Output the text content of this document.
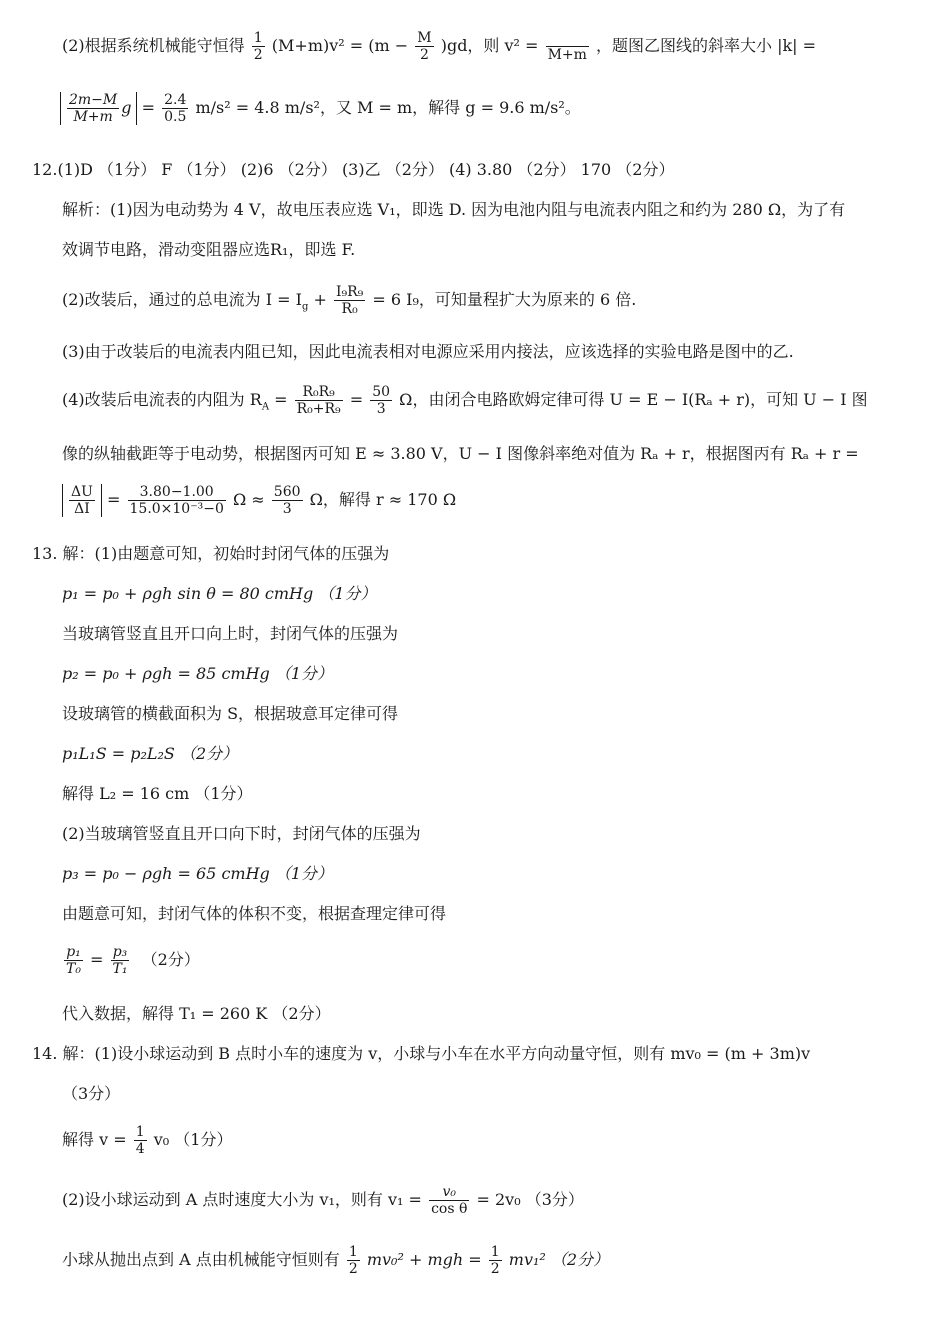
(2)根据系统机械能守恒得 $\frac{1}{2} (M+m)v^2 = (m - \frac{M}{2} )gd$，则 v² =
M+m ，题图乙图线的斜率大小 |k| =
$\frac{2m-M}{M+m}$ $g = \frac{2.4}{0.5} m/s^2 = 4.8$ m/s²，又 M = m，解得 g = 9.6 m/s²。
12.(1)D （1分） F （1分） (2)6 （2分） (3)乙 （2分） (4) 3.80 （2分） 170 （2分）
解析：(1)因为电动势为 4 V，故电压表应选 V₁，即选 D. 因为电池内阻与电流表内阻之和约为 280 Ω，为了有
效调节电路，滑动变阻器应选R₁，即选 F.
(2)改装后，通过的总电流为 $I = I_g + \frac{\text{I₉R₉}}{\text{R₀}} = 6$ I₉，可知量程扩大为原来的 6 倍.
(3)由于改装后的电流表内阻已知，因此电流表相对电源应采用内接法，应该选择的实验电路是图中的乙.
(4)改装后电流表的内阻为 $R_A = \frac{\text{R₀R₉}}{\text{R₀+R₉}} = \frac{50}{3}$ Ω，由闭合电路欧姆定律可得 U = E − I(Rₐ + r)，可知 U − I 图
像的纵轴截距等于电动势，根据图丙可知 E ≈ 3.80 V，U − I 图像斜率绝对值为 Rₐ + r，根据图丙有 Rₐ + r =
$\frac{\Delta U}{\Delta I} = \frac{3.80-1.00}{\text{15.0×10⁻³−0}}$ $\Omega \approx \frac{560}{3}$ Ω，解得 r ≈ 170 Ω
13. 解：(1)由题意可知，初始时封闭气体的压强为
p₁ = p₀ + ρgh sin θ = 80 cmHg （1分）
当玻璃管竖直且开口向上时，封闭气体的压强为
p₂ = p₀ + ρgh = 85 cmHg （1分）
设玻璃管的横截面积为 S，根据玻意耳定律可得
p₁L₁S = p₂L₂S （2分）
解得 L₂ = 16 cm （1分）
(2)当玻璃管竖直且开口向下时，封闭气体的压强为
p₃ = p₀ − ρgh = 65 cmHg （1分）
由题意可知，封闭气体的体积不变，根据查理定律可得
$\frac{\text{p₁}}{\text{T₀}} = \frac{\text{p₃}}{\text{T₁}} (2$分）
代入数据，解得 T₁ = 260 K （2分）
14. 解：(1)设小球运动到 B 点时小车的速度为 v，小球与小车在水平方向动量守恒，则有 mv₀ = (m + 3m)v
（3分）
解得 $v = \frac{1}{4} v_0$ （1分）
(2)设小球运动到 A 点时速度大小为 v₁，则有 $v_1 = \frac{\text{v₀}}{\text{cos θ}} = 2v_0$ （3分）
小球从抛出点到 A 点由机械能守恒则有 $\frac{1}{2} mv_0^2$ + mgh = $\frac{1}{2} mv_1^2$ （2分）
